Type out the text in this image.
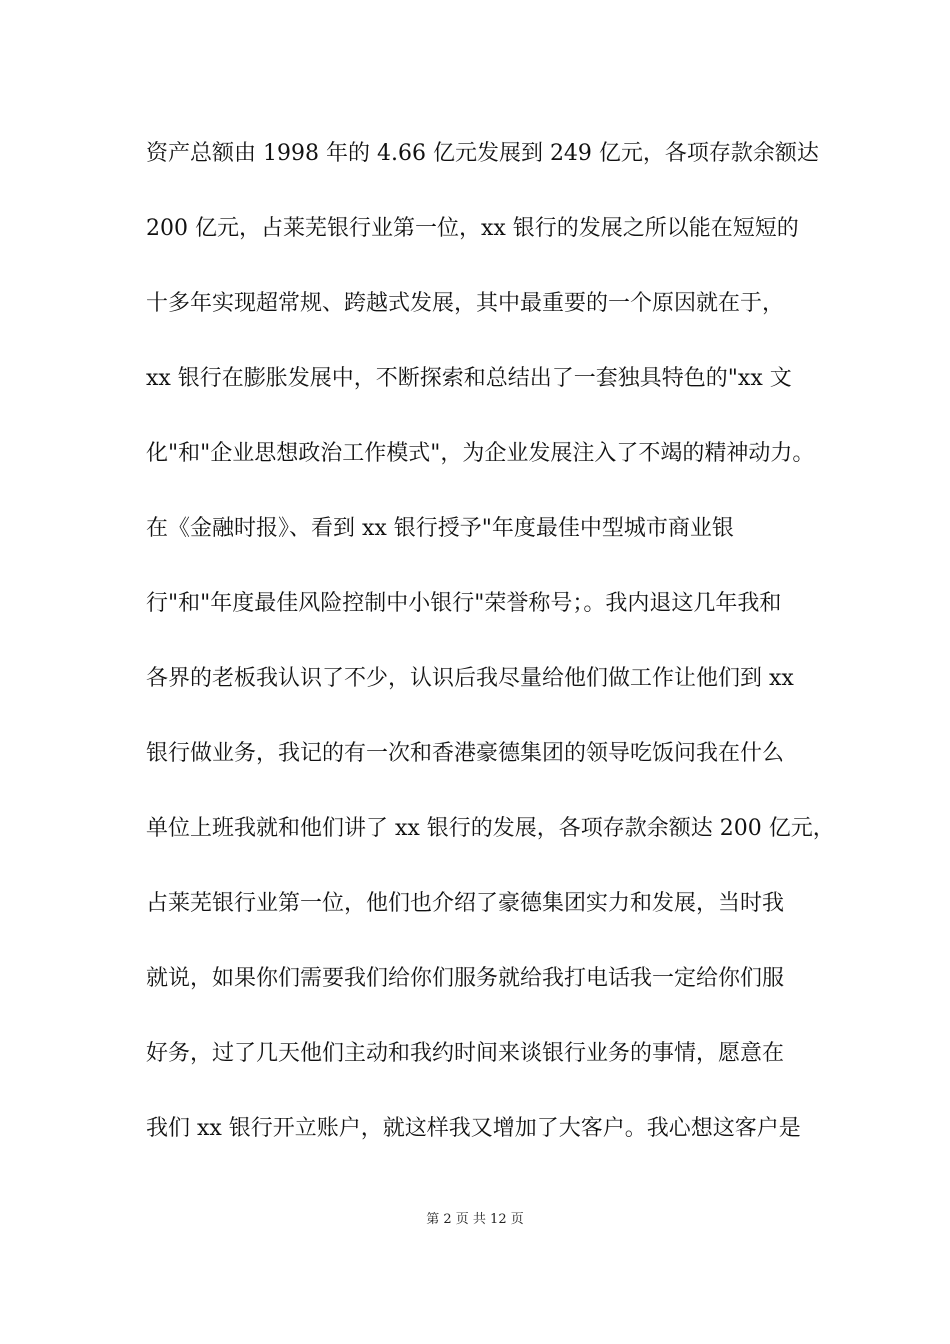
资产总额由 1998 年的 4.66 亿元发展到 249 亿元，各项存款余额达
200 亿元，占莱芜银行业第一位，xx 银行的发展之所以能在短短的
十多年实现超常规、跨越式发展，其中最重要的一个原因就在于，
xx 银行在膨胀发展中，不断探索和总结出了一套独具特色的"xx 文
化"和"企业思想政治工作模式"，为企业发展注入了不竭的精神动力。
在《金融时报》、看到 xx 银行授予"年度最佳中型城市商业银
行"和"年度最佳风险控制中小银行"荣誉称号；。我内退这几年我和
各界的老板我认识了不少，认识后我尽量给他们做工作让他们到 xx
银行做业务，我记的有一次和香港豪德集团的领导吃饭问我在什么
单位上班我就和他们讲了 xx 银行的发展，各项存款余额达 200 亿元，
占莱芜银行业第一位，他们也介绍了豪德集团实力和发展，当时我
就说，如果你们需要我们给你们服务就给我打电话我一定给你们服
好务，过了几天他们主动和我约时间来谈银行业务的事情，愿意在
我们 xx 银行开立账户，就这样我又增加了大客户。我心想这客户是
第 2 页 共 12 页
